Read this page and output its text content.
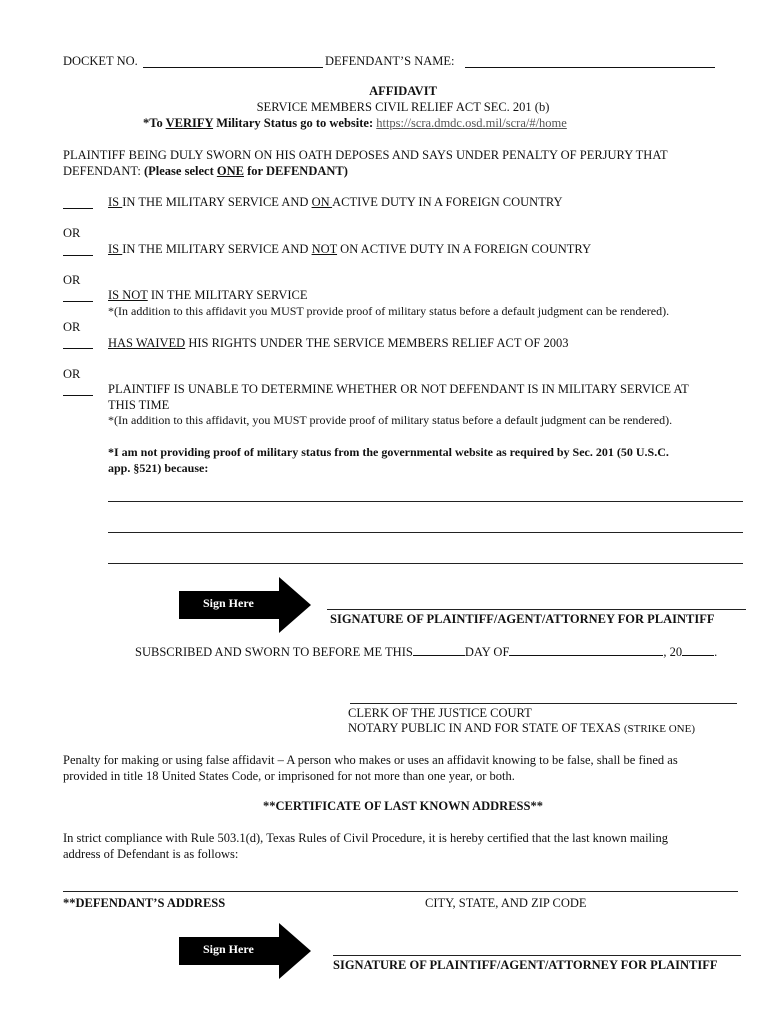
DOCKET NO.	DEFENDANT’S NAME:
AFFIDAVIT
SERVICE MEMBERS CIVIL RELIEF ACT SEC. 201 (b)
*To VERIFY Military Status go to website: https://scra.dmdc.osd.mil/scra/#/home
PLAINTIFF BEING DULY SWORN ON HIS OATH DEPOSES AND SAYS UNDER PENALTY OF PERJURY THAT
DEFENDANT: (Please select ONE for DEFENDANT)
IS IN THE MILITARY SERVICE AND ON ACTIVE DUTY IN A FOREIGN COUNTRY
OR
IS IN THE MILITARY SERVICE AND NOT ON ACTIVE DUTY IN A FOREIGN COUNTRY
OR
IS NOT IN THE MILITARY SERVICE
*(In addition to this affidavit you MUST provide proof of military status before a default judgment can be rendered).
OR
HAS WAIVED HIS RIGHTS UNDER THE SERVICE MEMBERS RELIEF ACT OF 2003
OR
PLAINTIFF IS UNABLE TO DETERMINE WHETHER OR NOT DEFENDANT IS IN MILITARY SERVICE AT
THIS TIME
*(In addition to this affidavit, you MUST provide proof of military status before a default judgment can be rendered).
*I am not providing proof of military status from the governmental website as required by Sec. 201 (50 U.S.C.
app. §521) because:
Sign Here
SIGNATURE OF PLAINTIFF/AGENT/ATTORNEY FOR PLAINTIFF
SUBSCRIBED AND SWORN TO BEFORE ME THIS	DAY OF	, 20	.
CLERK OF THE JUSTICE COURT
NOTARY PUBLIC IN AND FOR STATE OF TEXAS (STRIKE ONE)
Penalty for making or using false affidavit – A person who makes or uses an affidavit knowing to be false, shall be fined as
provided in title 18 United States Code, or imprisoned for not more than one year, or both.
**CERTIFICATE OF LAST KNOWN ADDRESS**
In strict compliance with Rule 503.1(d), Texas Rules of Civil Procedure, it is hereby certified that the last known mailing
address of Defendant is as follows:
**DEFENDANT’S ADDRESS	CITY, STATE, AND ZIP CODE
Sign Here
SIGNATURE OF PLAINTIFF/AGENT/ATTORNEY FOR PLAINTIFF
